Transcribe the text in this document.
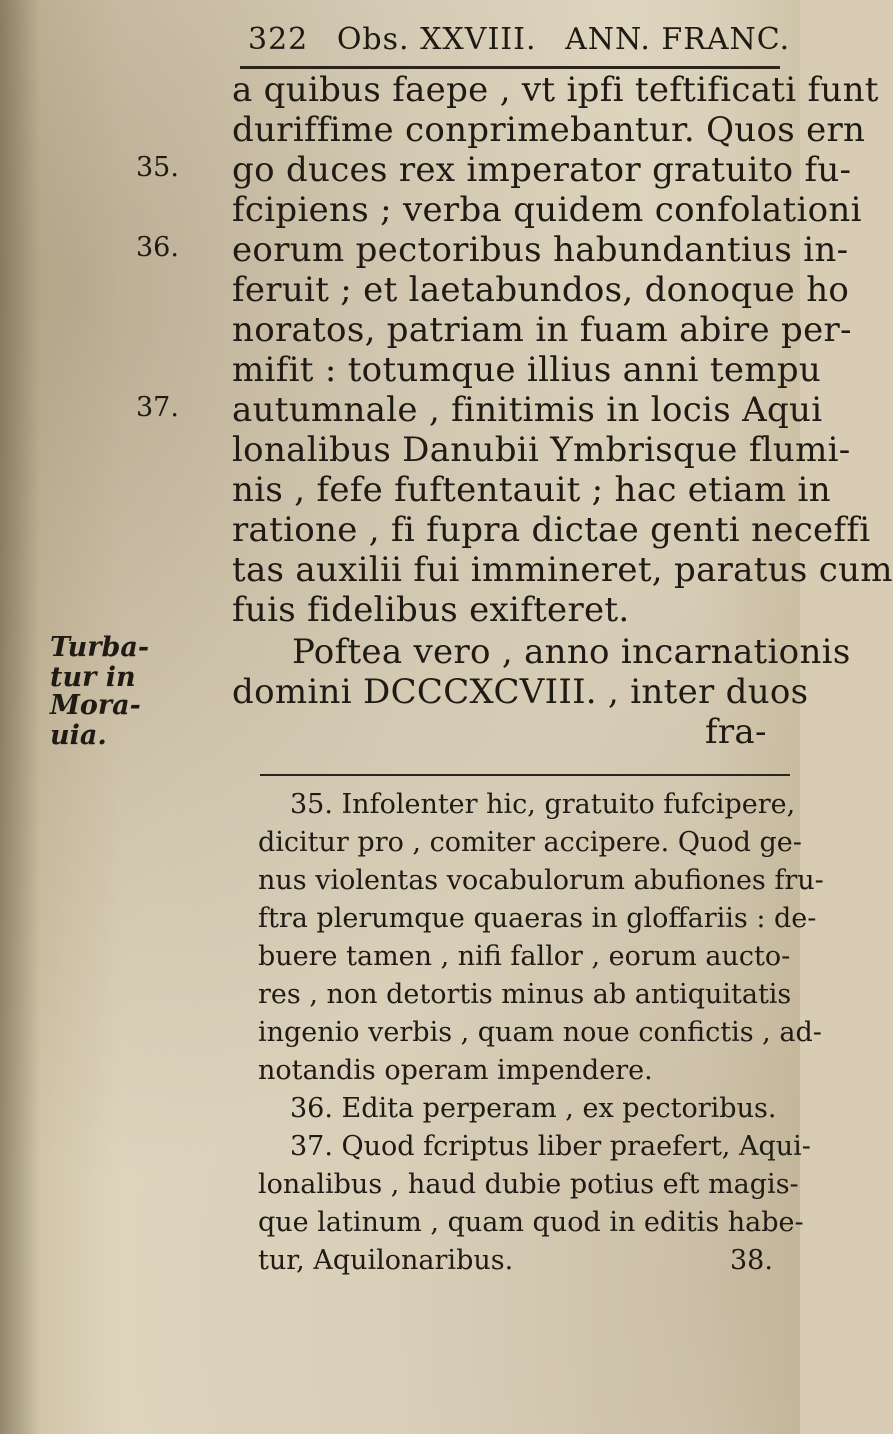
322 Obs. XXVIII. ANN. FRANC.
a quibus faepe , vt ipfi teftificati funt
duriffime conprimebantur. Quos ern
go duces rex imperator gratuito fu-
fcipiens ; verba quidem confolationi
eorum pectoribus habundantius in-
feruit ; et laetabundos, donoque ho
noratos, patriam in fuam abire per-
mifit : totumque illius anni tempu
autumnale , finitimis in locis Aqui
lonalibus Danubii Ymbrisque flumi-
nis , fefe fuftentauit ; hac etiam in
ratione , fi fupra dictae genti neceffi
tas auxilii fui immineret, paratus cum
fuis fidelibus exifteret.
Poftea vero , anno incarnationis
domini DCCCXCVIII. , inter duos
fra-
35.
36.
37.
Turba-
tur in
Mora-
uia.
35. Infolenter hic, gratuito fufcipere,
dicitur pro , comiter accipere. Quod ge-
nus violentas vocabulorum abufiones fru-
ftra plerumque quaeras in gloffariis : de-
buere tamen , nifi fallor , eorum aucto-
res , non detortis minus ab antiquitatis
ingenio verbis , quam noue confictis , ad-
notandis operam impendere.
36. Edita perperam , ex pectoribus.
37. Quod fcriptus liber praefert, Aqui-
lonalibus , haud dubie potius eft magis-
que latinum , quam quod in editis habe-
tur, Aquilonaribus.	38.
